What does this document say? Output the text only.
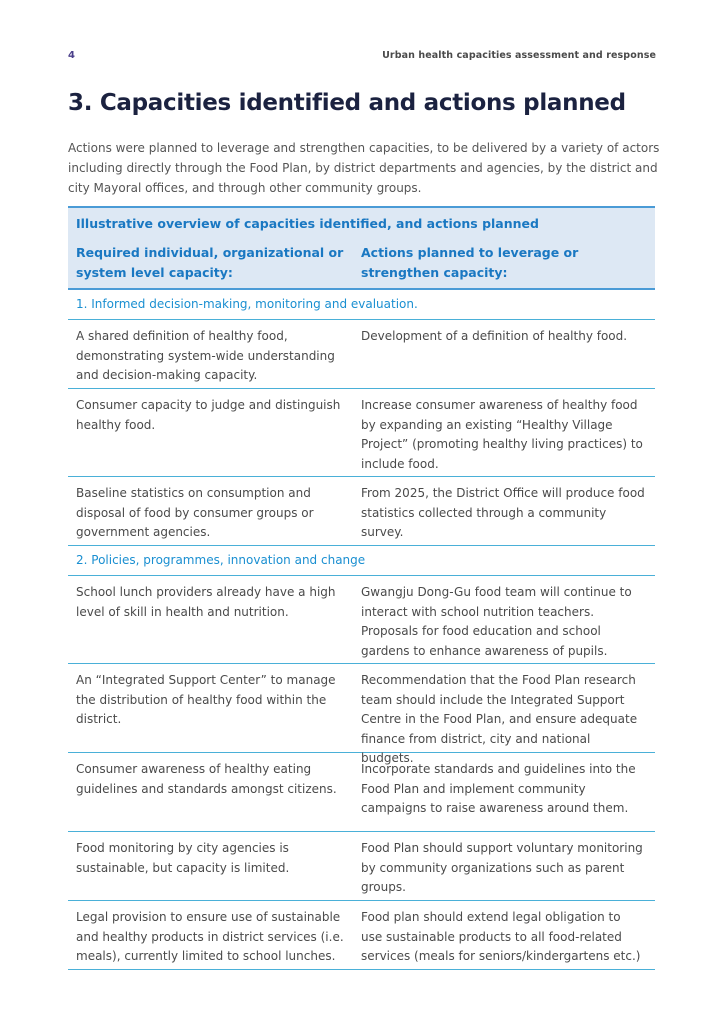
4	Urban health capacities assessment and response
3. Capacities identified and actions planned

Actions were planned to leverage and strengthen capacities, to be delivered by a variety of actors including directly through the Food Plan, by district departments and agencies, by the district and city Mayoral offices, and through other community groups.

Illustrative overview of capacities identified, and actions planned
Required individual, organizational or system level capacity:
Actions planned to leverage or strengthen capacity:
1. Informed decision-making, monitoring and evaluation.
A shared definition of healthy food, demonstrating system-wide understanding and decision-making capacity.
Development of a definition of healthy food.
Consumer capacity to judge and distinguish healthy food.
Increase consumer awareness of healthy food by expanding an existing “Healthy Village Project” (promoting healthy living practices) to include food.
Baseline statistics on consumption and disposal of food by consumer groups or government agencies.
From 2025, the District Office will produce food statistics collected through a community survey.
2. Policies, programmes, innovation and change
School lunch providers already have a high level of skill in health and nutrition.
Gwangju Dong-Gu food team will continue to interact with school nutrition teachers. Proposals for food education and school gardens to enhance awareness of pupils.
An “Integrated Support Center” to manage the distribution of healthy food within the district.
Recommendation that the Food Plan research team should include the Integrated Support Centre in the Food Plan, and ensure adequate finance from district, city and national budgets.
Consumer awareness of healthy eating guidelines and standards amongst citizens.
Incorporate standards and guidelines into the Food Plan and implement community campaigns to raise awareness around them.
Food monitoring by city agencies is sustainable, but capacity is limited.
Food Plan should support voluntary monitoring by community organizations such as parent groups.
Legal provision to ensure use of sustainable and healthy products in district services (i.e. meals), currently limited to school lunches.
Food plan should extend legal obligation to use sustainable products to all food-related services (meals for seniors/kindergartens etc.)
